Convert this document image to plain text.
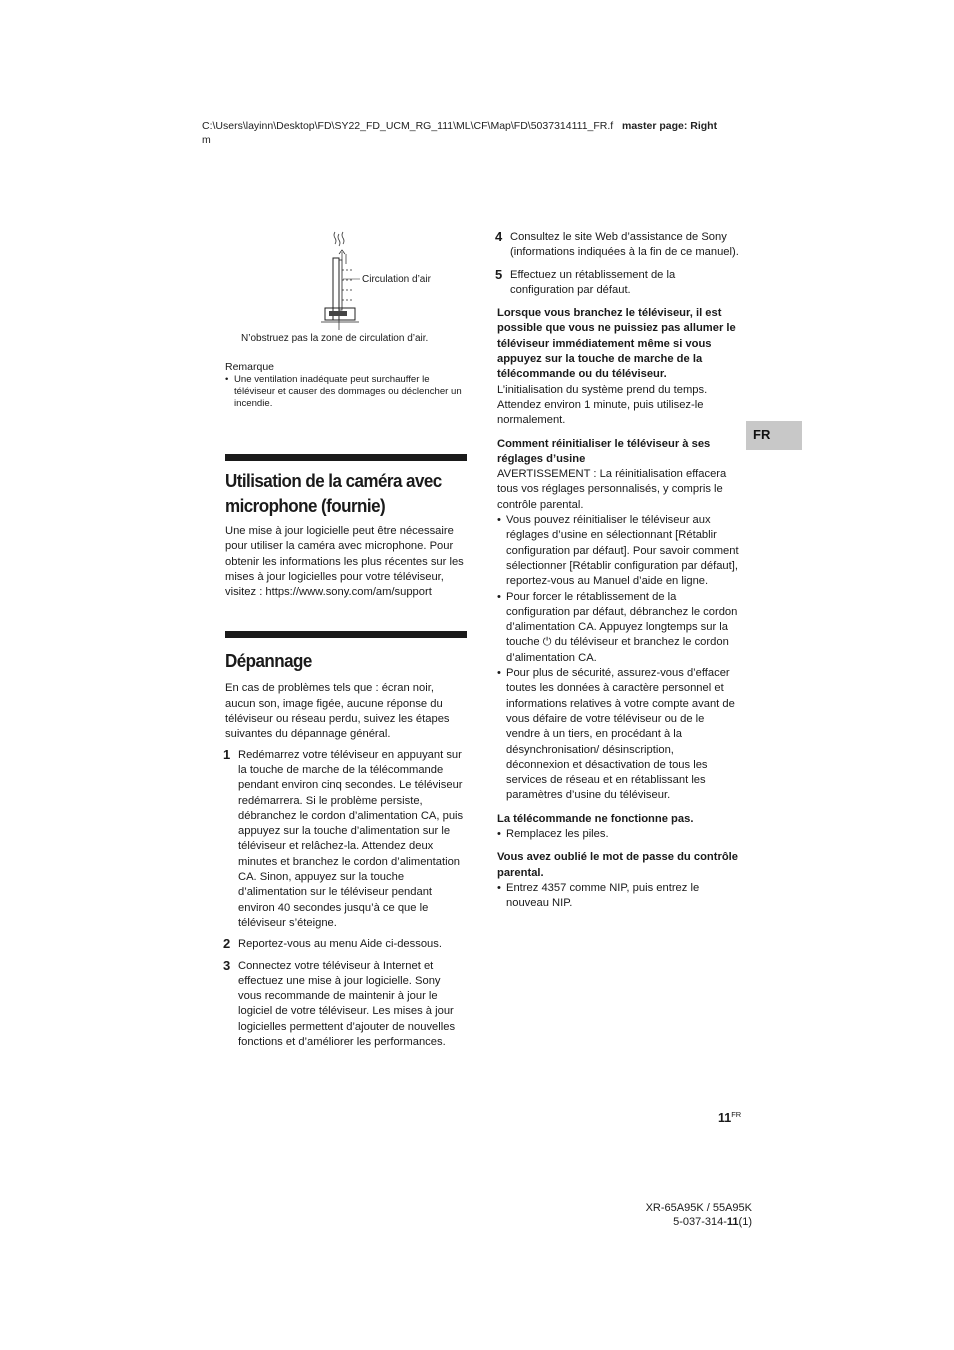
C:\Users\layinn\Desktop\FD\SY22_FD_UCM_RG_111\ML\CF\Map\FD\5037314111_FR.f master page: Right
m
Circulation d’air

N’obstruez pas la zone de circulation d’air.

Remarque

• Une ventilation inadéquate peut surchauffer le téléviseur et causer des dommages ou déclencher un incendie.

Utilisation de la caméra avec
microphone (fournie)

Une mise à jour logicielle peut être nécessaire pour utiliser la caméra avec microphone. Pour obtenir les informations les plus récentes sur les mises à jour logicielles pour votre téléviseur, visitez : https://www.sony.com/am/support

Dépannage

En cas de problèmes tels que : écran noir, aucun son, image figée, aucune réponse du téléviseur ou réseau perdu, suivez les étapes suivantes du dépannage général.

1 Redémarrez votre téléviseur en appuyant sur la touche de marche de la télécommande pendant environ cinq secondes. Le téléviseur redémarrera. Si le problème persiste, débranchez le cordon d’alimentation CA, puis appuyez sur la touche d’alimentation sur le téléviseur et relâchez-la. Attendez deux minutes et branchez le cordon d’alimentation CA. Sinon, appuyez sur la touche d’alimentation sur le téléviseur pendant environ 40 secondes jusqu’à ce que le téléviseur s’éteigne.

2 Reportez-vous au menu Aide ci-dessous.

3 Connectez votre téléviseur à Internet et effectuez une mise à jour logicielle. Sony vous recommande de maintenir à jour le logiciel de votre téléviseur. Les mises à jour logicielles permettent d’ajouter de nouvelles fonctions et d’améliorer les performances.

4 Consultez le site Web d’assistance de Sony (informations indiquées à la fin de ce manuel).

5 Effectuez un rétablissement de la configuration par défaut.

Lorsque vous branchez le téléviseur, il est possible que vous ne puissiez pas allumer le téléviseur immédiatement même si vous appuyez sur la touche de marche de la télécommande ou du téléviseur.

L’initialisation du système prend du temps. Attendez environ 1 minute, puis utilisez-le normalement.

Comment réinitialiser le téléviseur à ses réglages d’usine

AVERTISSEMENT : La réinitialisation effacera tous vos réglages personnalisés, y compris le contrôle parental.

• Vous pouvez réinitialiser le téléviseur aux réglages d’usine en sélectionnant [Rétablir configuration par défaut]. Pour savoir comment sélectionner [Rétablir configuration par défaut], reportez-vous au Manuel d’aide en ligne.

• Pour forcer le rétablissement de la configuration par défaut, débranchez le cordon d’alimentation CA. Appuyez longtemps sur la touche ⏻ du téléviseur et branchez le cordon d’alimentation CA.

• Pour plus de sécurité, assurez-vous d’effacer toutes les données à caractère personnel et informations relatives à votre compte avant de vous défaire de votre téléviseur ou de le vendre à un tiers, en procédant à la désynchronisation/ désinscription, déconnexion et désactivation de tous les services de réseau et en rétablissant les paramètres d’usine du téléviseur.

La télécommande ne fonctionne pas.

• Remplacez les piles.

Vous avez oublié le mot de passe du contrôle parental.

• Entrez 4357 comme NIP, puis entrez le nouveau NIP.

FR
$11^{FR}$
XR-65A95K / 55A95K
5-037-314-11(1)
